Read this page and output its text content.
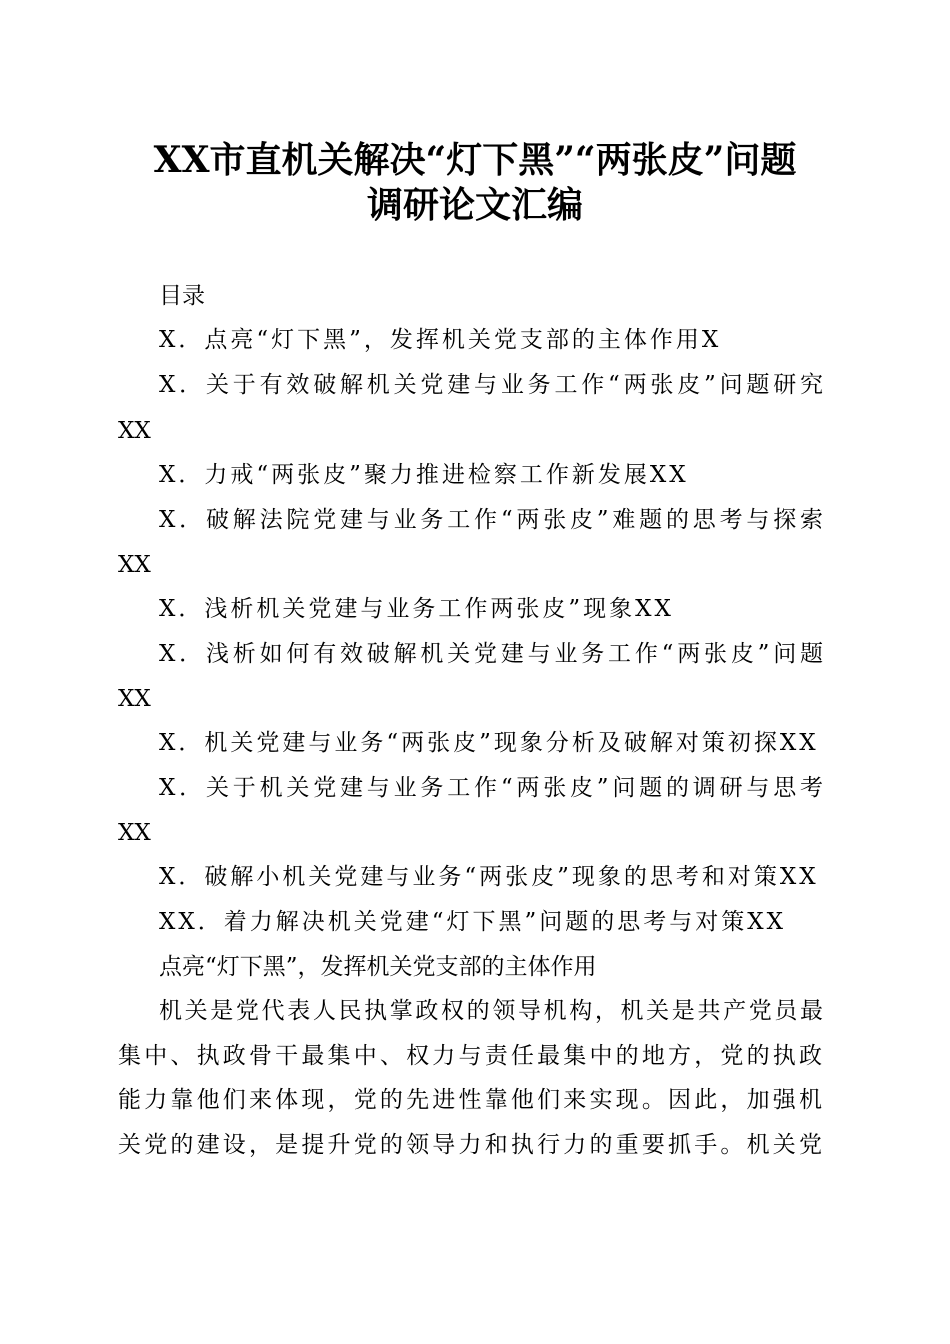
XX市直机关解决“灯下黑”“两张皮”问题
调研论文汇编
目录
X．点亮“灯下黑”，发挥机关党支部的主体作用X
X．关于有效破解机关党建与业务工作“两张皮”问题研究
XX
X．力戒“两张皮”聚力推进检察工作新发展XX
X．破解法院党建与业务工作“两张皮”难题的思考与探索
XX
X．浅析机关党建与业务工作两张皮”现象XX
X．浅析如何有效破解机关党建与业务工作“两张皮”问题
XX
X．机关党建与业务“两张皮”现象分析及破解对策初探XX
X．关于机关党建与业务工作“两张皮”问题的调研与思考
XX
X．破解小机关党建与业务“两张皮”现象的思考和对策XX
XX．着力解决机关党建“灯下黑”问题的思考与对策XX
点亮“灯下黑”，发挥机关党支部的主体作用
机关是党代表人民执掌政权的领导机构，机关是共产党员最
集中、执政骨干最集中、权力与责任最集中的地方，党的执政
能力靠他们来体现，党的先进性靠他们来实现。因此，加强机
关党的建设，是提升党的领导力和执行力的重要抓手。机关党
